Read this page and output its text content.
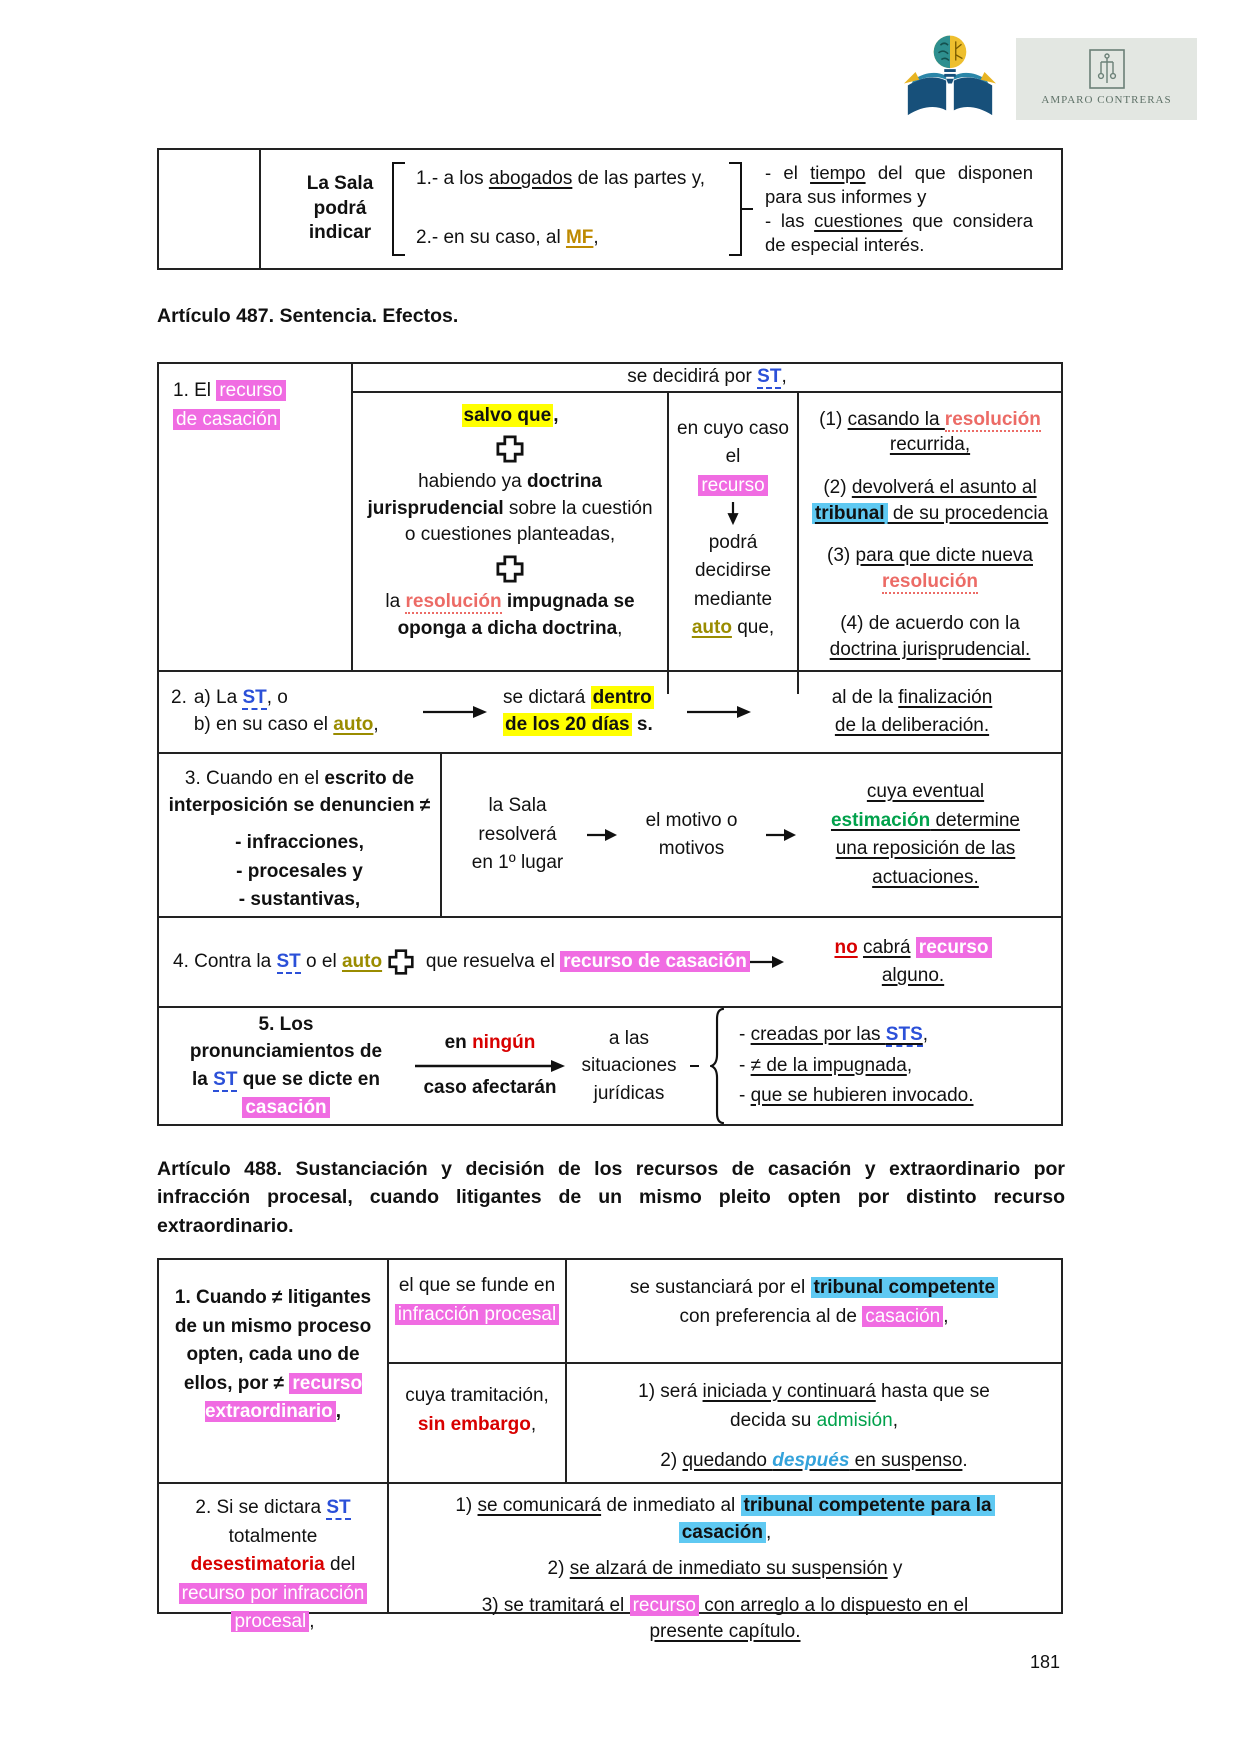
AMPARO CONTRERAS
La Sala podrá indicar
1.- a los abogados de las partes y,
2.- en su caso, al MF,
- el tiempo del que disponen para sus informes y
- las cuestiones que considera de especial interés.
Artículo 487. Sentencia. Efectos.
1. El recurso
de casación
se decidirá por ST,
salvo que ,
habiendo ya doctrina jurisprudencial sobre la cuestión o cuestiones planteadas,
la resolución impugnada se oponga a dicha doctrina,
en cuyo caso el
recurso
podrá decidirse mediante
auto que,
(1) casando la resolución
recurrida,
(2) devolverá el asunto al
tribunal de su procedencia
(3) para que dicte nueva
resolución
(4) de acuerdo con la
doctrina jurisprudencial.
2. a) La ST, o
b) en su caso el auto,
se dictará dentro
de los 20 días s.
al de la finalización
de la deliberación.
3. Cuando en el escrito de interposición se denuncien ≠
- infracciones,
- procesales y
- sustantivas,
la Sala resolverá en 1º lugar
el motivo o motivos
cuya eventual
estimación determine
una reposición de las
actuaciones.
4. Contra la ST o el auto   que resuelva el recurso de casación
no cabrá recurso
alguno.
5. Los
pronunciamientos de
la ST que se dicte en
casación
en ningún
caso afectarán
a las situaciones jurídicas
- creadas por las STS,
- ≠ de la impugnada,
- que se hubieren invocado.
Artículo 488. Sustanciación y decisión de los recursos de casación y extraordinario por infracción procesal, cuando litigantes de un mismo pleito opten por distinto recurso extraordinario.
1. Cuando ≠ litigantes de un mismo proceso opten, cada uno de ellos, por ≠ recurso extraordinario ,
el que se funde en infracción procesal
se sustanciará por el tribunal competente
con preferencia al de casación ,
cuya tramitación,
sin embargo,
1) será iniciada y continuará hasta que se
decida su admisión,
2) quedando después en suspenso.
2. Si se dictara ST
totalmente
desestimatoria del
recurso por infracción
procesal ,
1) se comunicará de inmediato al tribunal competente para la
casación ,
2) se alzará de inmediato su suspensión y
3) se tramitará el recurso con arreglo a lo dispuesto en el
presente capítulo.
181
